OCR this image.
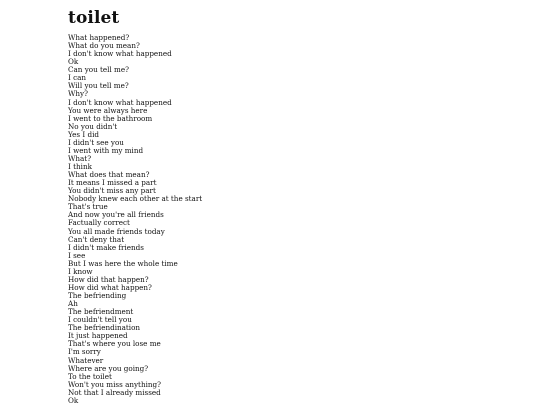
toilet
What happened?
What do you mean?
I don't know what happened
Ok
Can you tell me?
I can
Will you tell me?
Why?
I don't know what happened
You were always here
I went to the bathroom
No you didn't
Yes I did
I didn't see you
I went with my mind
What?
I think
What does that mean?
It means I missed a part
You didn't miss any part
Nobody knew each other at the start
That's true
And now you're all friends
Factually correct
You all made friends today
Can't deny that
I didn't make friends
I see
But I was here the whole time
I know
How did that happen?
How did what happen?
The befriending
Ah
The befriendment
I couldn't tell you
The befriendination
It just happened
That's where you lose me
I'm sorry
Whatever
Where are you going?
To the toilet
Won't you miss anything?
Not that I already missed
Ok
